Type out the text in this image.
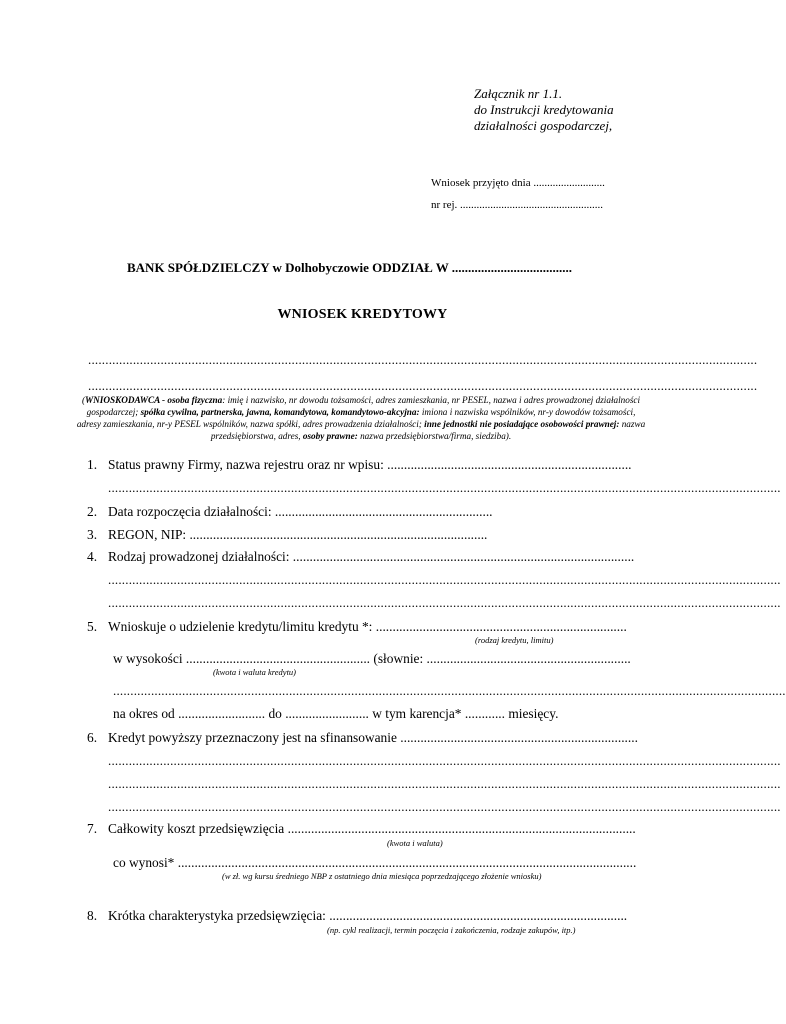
Załącznik nr 1.1.
do Instrukcji kredytowania
działalności gospodarczej,
Wniosek przyjęto dnia ..........................
nr rej. ....................................................
BANK SPÓŁDZIELCZY w Dolhobyczowie ODDZIAŁ W .....................................
WNIOSEK KREDYTOWY
..................................................................................................................................................................................................
..................................................................................................................................................................................................
(WNIOSKODAWCA - osoba fizyczna: imię i nazwisko, nr dowodu tożsamości, adres zamieszkania, nr PESEL, nazwa i adres prowadzonej działalności gospodarczej; spółka cywilna, partnerska, jawna, komandytowa, komandytowo-akcyjna: imiona i nazwiska wspólników, nr-y dowodów tożsamości, adresy zamieszkania, nr-y PESEL wspólników, nazwa spółki, adres prowadzenia działalności; inne jednostki nie posiadające osobowości prawnej: nazwa przedsiębiorstwa, adres, osoby prawne: nazwa przedsiębiorstwa/firma, siedziba).
1. Status prawny Firmy, nazwa rejestru oraz nr wpisu: .........................................................................
...................................................................................................................................................................................................
2. Data rozpoczęcia działalności: .................................................................
3. REGON, NIP: .........................................................................................
4. Rodzaj prowadzonej działalności: ......................................................................................................
...................................................................................................................................................................................................
...................................................................................................................................................................................................
5. Wnioskuje o udzielenie kredytu/limitu kredytu *: ...........................................................................
(rodzaj kredytu, limitu)
w wysokości ....................................................... (słownie: .............................................................
(kwota i waluta kredytu)
...................................................................................................................................................................................................
na okres od .......................... do ......................... w tym karencja* ............ miesięcy.
6. Kredyt powyższy przeznaczony jest na sfinansowanie .......................................................................
...................................................................................................................................................................................................
...................................................................................................................................................................................................
...................................................................................................................................................................................................
7. Całkowity koszt przedsięwzięcia ........................................................................................................
(kwota i waluta)
co wynosi* .........................................................................................................................................
(w zł. wg kursu średniego NBP z ostatniego dnia miesiąca poprzedzającego złożenie wniosku)
8. Krótka charakterystyka przedsięwzięcia: .........................................................................................
(np. cykl realizacji, termin poczęcia i zakończenia, rodzaje zakupów, itp.)
